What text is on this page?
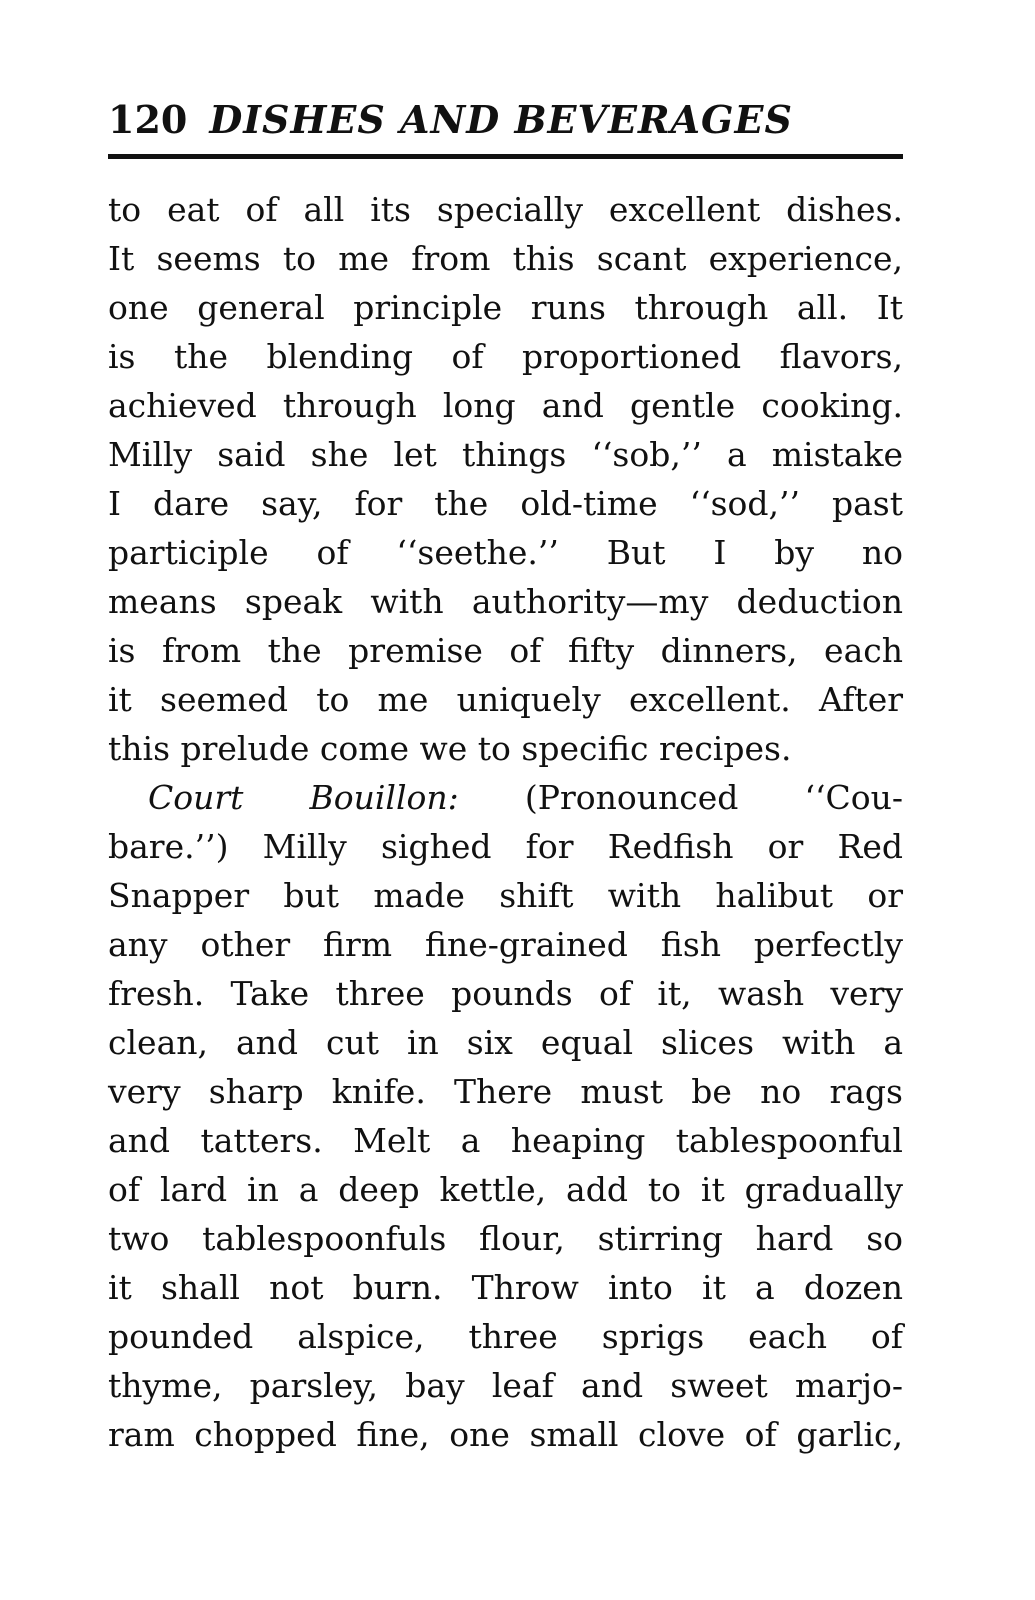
120 DISHES AND BEVERAGES
to eat of all its specially excellent dishes.
It seems to me from this scant experience,
one general principle runs through all. It
is the blending of proportioned flavors,
achieved through long and gentle cooking.
Milly said she let things ‘‘sob,’’ a mistake
I dare say, for the old-time ‘‘sod,’’ past
participle of ‘‘seethe.’’ But I by no
means speak with authority—my deduction
is from the premise of fifty dinners, each
it seemed to me uniquely excellent. After
this prelude come we to specific recipes.
Court Bouillon: (Pronounced ‘‘Cou-
bare.’’) Milly sighed for Redfish or Red
Snapper but made shift with halibut or
any other firm fine-grained fish perfectly
fresh. Take three pounds of it, wash very
clean, and cut in six equal slices with a
very sharp knife. There must be no rags
and tatters. Melt a heaping tablespoonful
of lard in a deep kettle, add to it gradually
two tablespoonfuls flour, stirring hard so
it shall not burn. Throw into it a dozen
pounded alspice, three sprigs each of
thyme, parsley, bay leaf and sweet marjo-
ram chopped fine, one small clove of garlic,
